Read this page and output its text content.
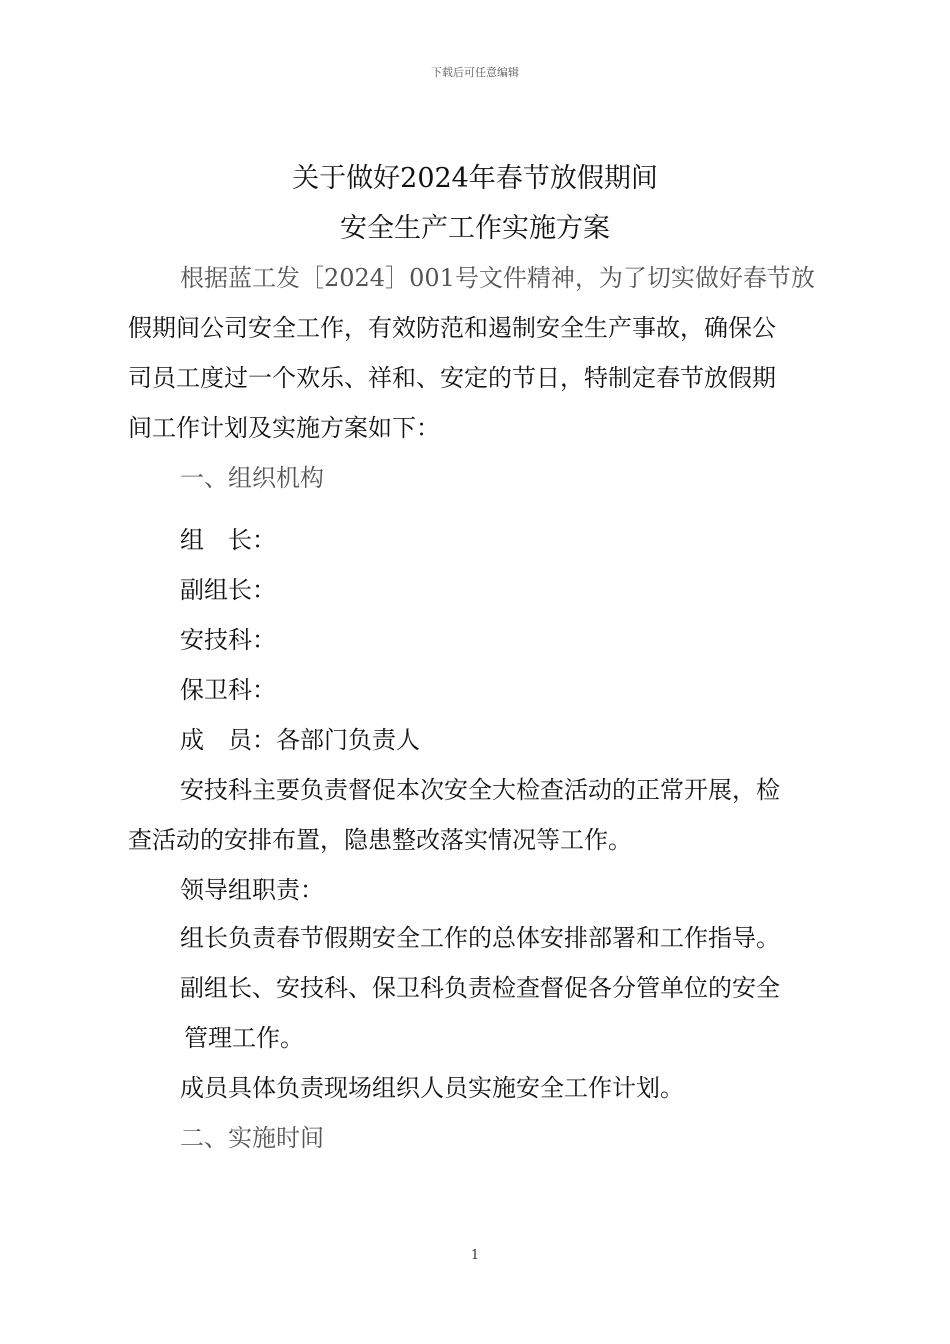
下载后可任意编辑
关于做好2024年春节放假期间
安全生产工作实施方案
根据蓝工发［2024］001号文件精神，为了切实做好春节放
假期间公司安全工作，有效防范和遏制安全生产事故，确保公
司员工度过一个欢乐、祥和、安定的节日，特制定春节放假期
间工作计划及实施方案如下：
一、组织机构
组　长：
副组长：
安技科：
保卫科：
成　员：各部门负责人
安技科主要负责督促本次安全大检查活动的正常开展，检
查活动的安排布置，隐患整改落实情况等工作。
领导组职责：
组长负责春节假期安全工作的总体安排部署和工作指导。
副组长、安技科、保卫科负责检查督促各分管单位的安全
管理工作。
成员具体负责现场组织人员实施安全工作计划。
二、实施时间
1
